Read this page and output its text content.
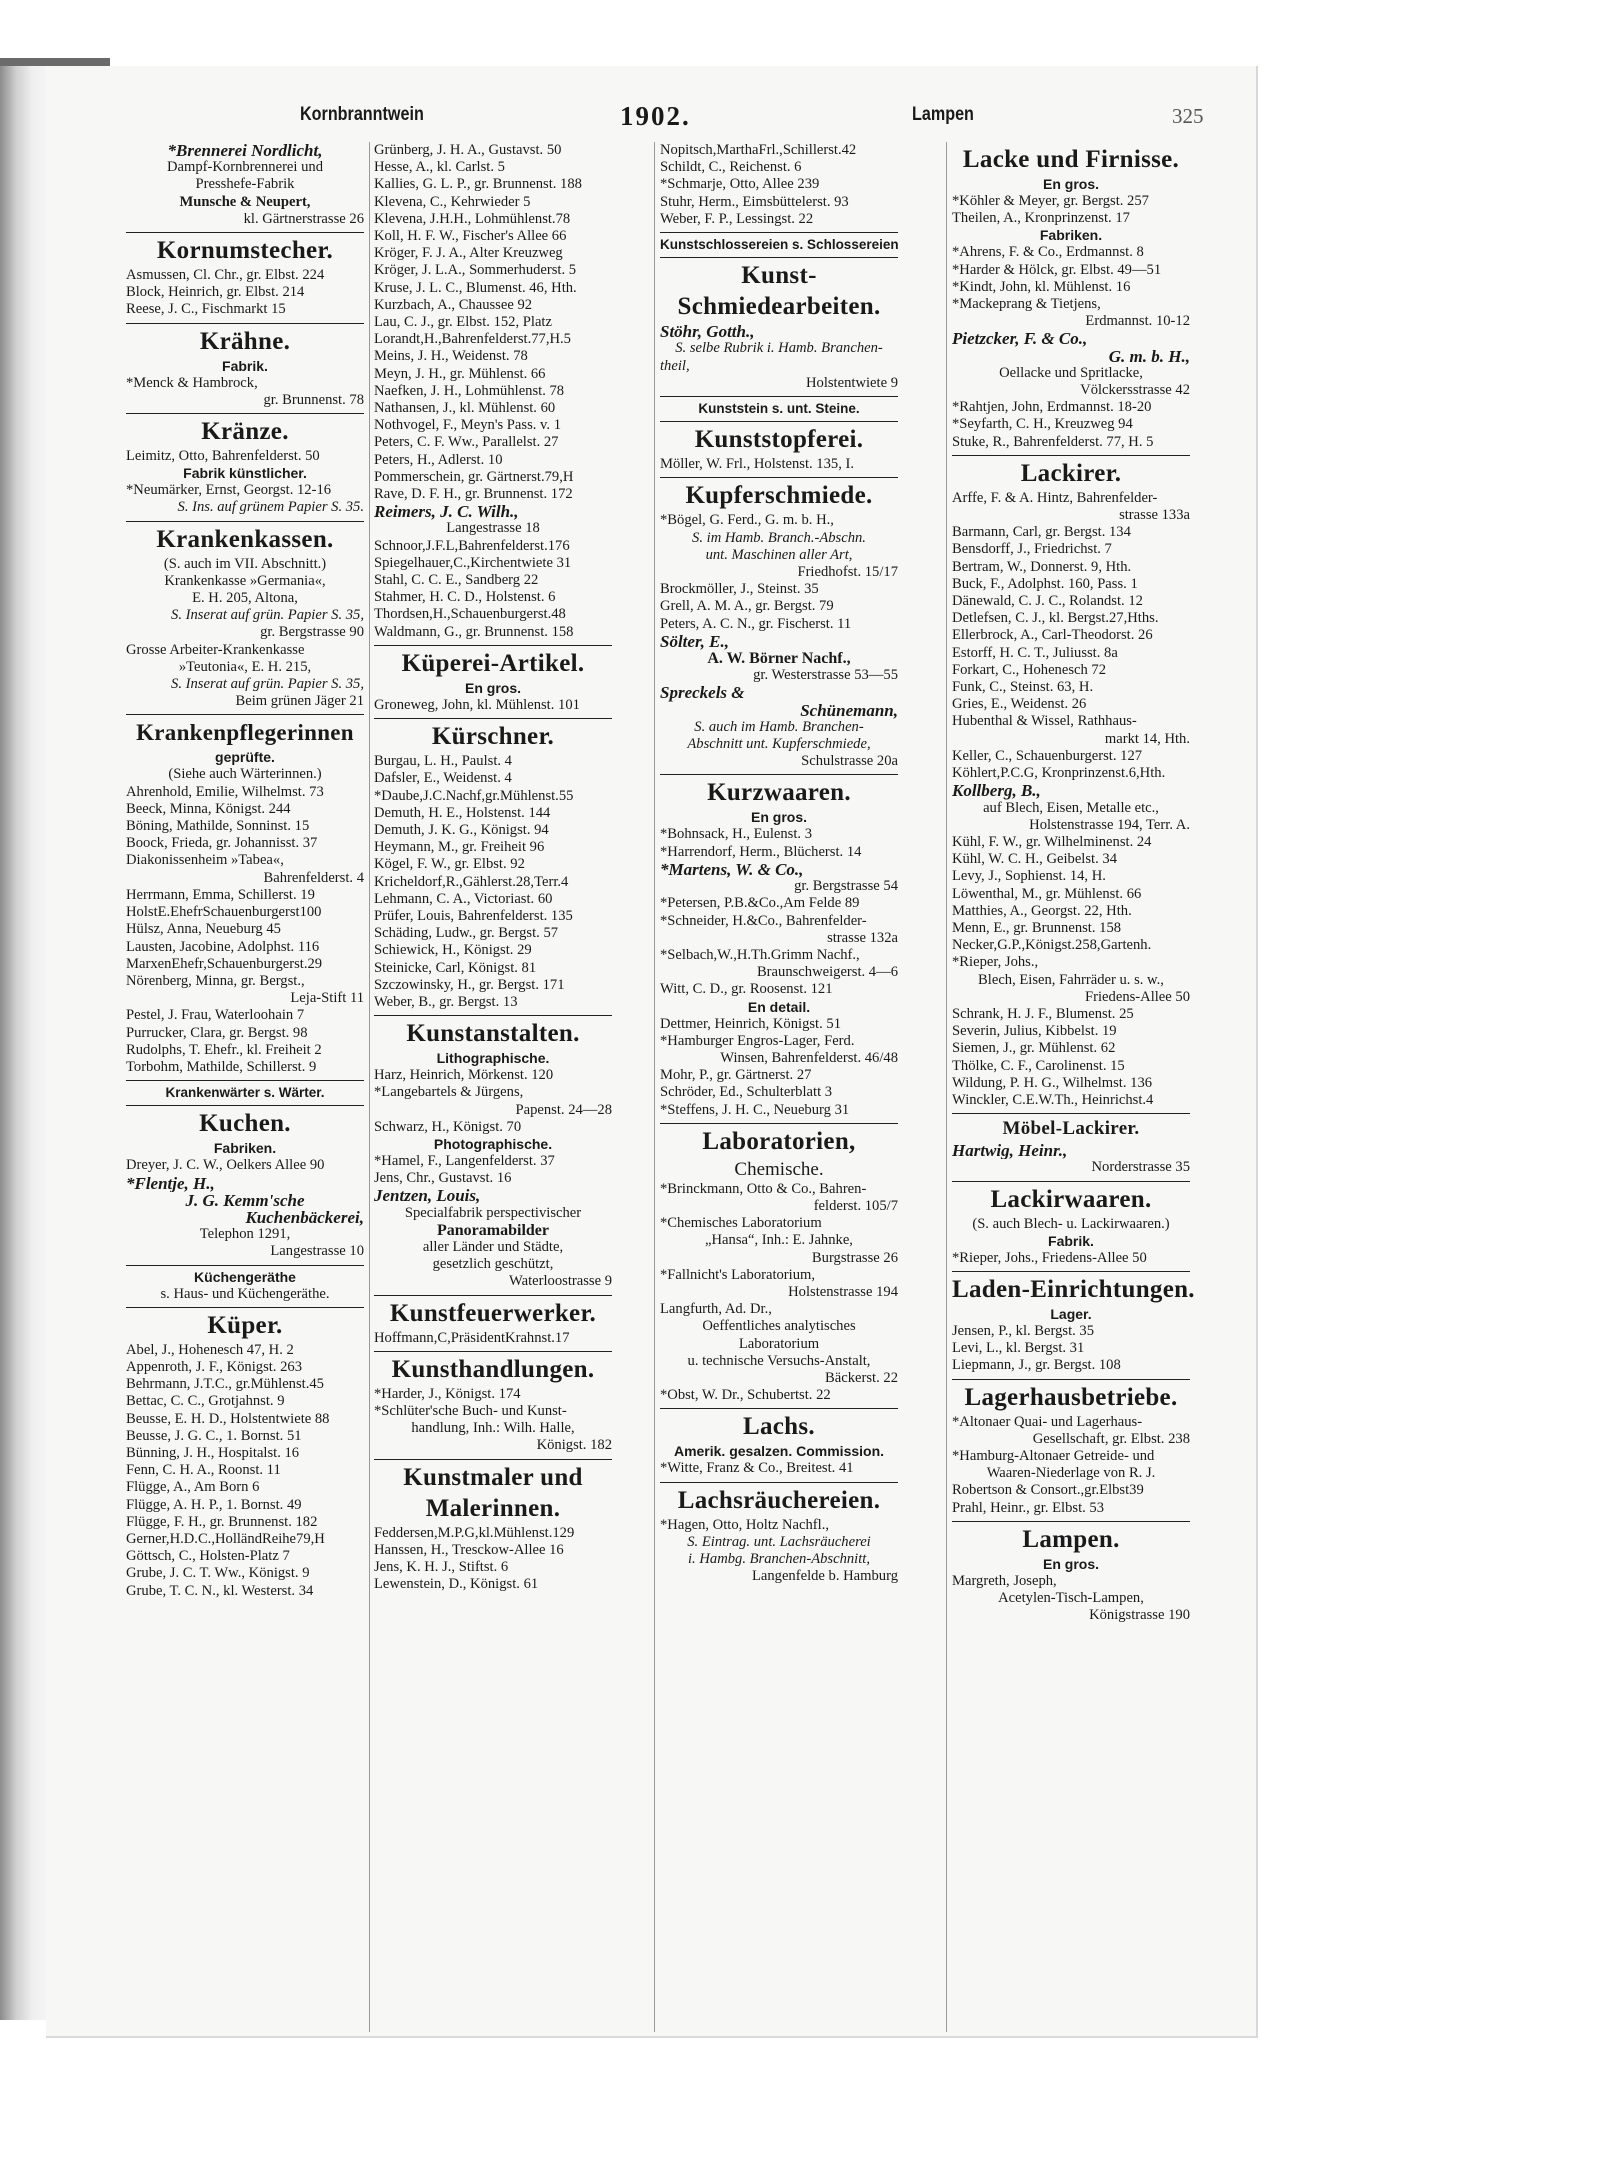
Kornbranntwein	1902.	Lampen	325
*Brennerei Nordlicht,
Dampf-Kornbrennerei und
Presshefe-Fabrik
Munsche & Neupert,
kl. Gärtnerstrasse 26
Kornumstecher.
Asmussen, Cl. Chr., gr. Elbst. 224
Block, Heinrich, gr. Elbst. 214
Reese, J. C., Fischmarkt 15
Krähne.
Fabrik.
*Menck & Hambrock,
gr. Brunnenst. 78
Kränze.
Leimitz, Otto, Bahrenfelderst. 50
Fabrik künstlicher.
*Neumärker, Ernst, Georgst. 12-16
S. Ins. auf grünem Papier S. 35.
Krankenkassen.
(S. auch im VII. Abschnitt.)
Krankenkasse »Germania«,
E. H. 205, Altona,
S. Inserat auf grün. Papier S. 35,
gr. Bergstrasse 90
Grosse Arbeiter-Krankenkasse
»Teutonia«, E. H. 215,
S. Inserat auf grün. Papier S. 35,
Beim grünen Jäger 21
Krankenpflegerinnen
geprüfte.
(Siehe auch Wärterinnen.)
Ahrenhold, Emilie, Wilhelmst. 73
Beeck, Minna, Königst. 244
Böning, Mathilde, Sonninst. 15
Boock, Frieda, gr. Johannisst. 37
Diakonissenheim »Tabea«,
Bahrenfelderst. 4
Herrmann, Emma, Schillerst. 19
HolstE.EhefrSchauenburgerst100
Hülsz, Anna, Neueburg 45
Lausten, Jacobine, Adolphst. 116
MarxenEhefr,Schauenburgerst.29
Nörenberg, Minna, gr. Bergst.,
Leja-Stift 11
Pestel, J. Frau, Waterloohain 7
Purrucker, Clara, gr. Bergst. 98
Rudolphs, T. Ehefr., kl. Freiheit 2
Torbohm, Mathilde, Schillerst. 9
Krankenwärter s. Wärter.
Kuchen.
Fabriken.
Dreyer, J. C. W., Oelkers Allee 90
*Flentje, H.,
J. G. Kemm'sche
Kuchenbäckerei,
Telephon 1291,
Langestrasse 10
Küchengeräthe
s. Haus- und Küchengeräthe.
Küper.
Abel, J., Hohenesch 47, H. 2
Appenroth, J. F., Königst. 263
Behrmann, J.T.C., gr.Mühlenst.45
Bettac, C. C., Grotjahnst. 9
Beusse, E. H. D., Holstentwiete 88
Beusse, J. G. C., 1. Bornst. 51
Bünning, J. H., Hospitalst. 16
Fenn, C. H. A., Roonst. 11
Flügge, A., Am Born 6
Flügge, A. H. P., 1. Bornst. 49
Flügge, F. H., gr. Brunnenst. 182
Gerner,H.D.C.,HolländReihe79,H
Göttsch, C., Holsten-Platz 7
Grube, J. C. T. Ww., Königst. 9
Grube, T. C. N., kl. Westerst. 34
Grünberg, J. H. A., Gustavst. 50
Hesse, A., kl. Carlst. 5
Kallies, G. L. P., gr. Brunnenst. 188
Klevena, C., Kehrwieder 5
Klevena, J.H.H., Lohmühlenst.78
Koll, H. F. W., Fischer's Allee 66
Kröger, F. J. A., Alter Kreuzweg
Kröger, J. L.A., Sommerhuderst. 5
Kruse, J. L. C., Blumenst. 46, Hth.
Kurzbach, A., Chaussee 92
Lau, C. J., gr. Elbst. 152, Platz
Lorandt,H.,Bahrenfelderst.77,H.5
Meins, J. H., Weidenst. 78
Meyn, J. H., gr. Mühlenst. 66
Naefken, J. H., Lohmühlenst. 78
Nathansen, J., kl. Mühlenst. 60
Nothvogel, F., Meyn's Pass. v. 1
Peters, C. F. Ww., Parallelst. 27
Peters, H., Adlerst. 10
Pommerschein, gr. Gärtnerst.79,H
Rave, D. F. H., gr. Brunnenst. 172
Reimers, J. C. Wilh.,
Langestrasse 18
Schnoor,J.F.L,Bahrenfelderst.176
Spiegelhauer,C.,Kirchentwiete 31
Stahl, C. C. E., Sandberg 22
Stahmer, H. C. D., Holstenst. 6
Thordsen,H.,Schauenburgerst.48
Waldmann, G., gr. Brunnenst. 158
Küperei-Artikel.
En gros.
Groneweg, John, kl. Mühlenst. 101
Kürschner.
Burgau, L. H., Paulst. 4
Dafsler, E., Weidenst. 4
*Daube,J.C.Nachf,gr.Mühlenst.55
Demuth, H. E., Holstenst. 144
Demuth, J. K. G., Königst. 94
Heymann, M., gr. Freiheit 96
Kögel, F. W., gr. Elbst. 92
Kricheldorf,R.,Gählerst.28,Terr.4
Lehmann, C. A., Victoriast. 60
Prüfer, Louis, Bahrenfelderst. 135
Schäding, Ludw., gr. Bergst. 57
Schiewick, H., Königst. 29
Steinicke, Carl, Königst. 81
Szczowinsky, H., gr. Bergst. 171
Weber, B., gr. Bergst. 13
Kunstanstalten.
Lithographische.
Harz, Heinrich, Mörkenst. 120
*Langebartels & Jürgens,
Papenst. 24—28
Schwarz, H., Königst. 70
Photographische.
*Hamel, F., Langenfelderst. 37
Jens, Chr., Gustavst. 16
Jentzen, Louis,
Specialfabrik perspectivischer
Panoramabilder
aller Länder und Städte,
gesetzlich geschützt,
Waterloostrasse 9
Kunstfeuerwerker.
Hoffmann,C,PräsidentKrahnst.17
Kunsthandlungen.
*Harder, J., Königst. 174
*Schlüter'sche Buch- und Kunst-
handlung, Inh.: Wilh. Halle,
Königst. 182
Kunstmaler und
Malerinnen.
Feddersen,M.P.G,kl.Mühlenst.129
Hanssen, H., Tresckow-Allee 16
Jens, K. H. J., Stiftst. 6
Lewenstein, D., Königst. 61
Nopitsch,MarthaFrl.,Schillerst.42
Schildt, C., Reichenst. 6
*Schmarje, Otto, Allee 239
Stuhr, Herm., Eimsbüttelerst. 93
Weber, F. P., Lessingst. 22
Kunstschlossereien s. Schlossereien
Kunst-
Schmiedearbeiten.
Stöhr, Gotth.,
S. selbe Rubrik i. Hamb. Branchen-
theil,
Holstentwiete 9
Kunststein s. unt. Steine.
Kunststopferei.
Möller, W. Frl., Holstenst. 135, I.
Kupferschmiede.
*Bögel, G. Ferd., G. m. b. H.,
S. im Hamb. Branch.-Abschn.
unt. Maschinen aller Art,
Friedhofst. 15/17
Brockmöller, J., Steinst. 35
Grell, A. M. A., gr. Bergst. 79
Peters, A. C. N., gr. Fischerst. 11
Sölter, E.,
A. W. Börner Nachf.,
gr. Westerstrasse 53—55
Spreckels &
Schünemann,
S. auch im Hamb. Branchen-
Abschnitt unt. Kupferschmiede,
Schulstrasse 20a
Kurzwaaren.
En gros.
*Bohnsack, H., Eulenst. 3
*Harrendorf, Herm., Blücherst. 14
*Martens, W. & Co.,
gr. Bergstrasse 54
*Petersen, P.B.&Co.,Am Felde 89
*Schneider, H.&Co., Bahrenfelder-
strasse 132a
*Selbach,W.,H.Th.Grimm Nachf.,
Braunschweigerst. 4—6
Witt, C. D., gr. Roosenst. 121
En detail.
Dettmer, Heinrich, Königst. 51
*Hamburger Engros-Lager, Ferd.
Winsen, Bahrenfelderst. 46/48
Mohr, P., gr. Gärtnerst. 27
Schröder, Ed., Schulterblatt 3
*Steffens, J. H. C., Neueburg 31
Laboratorien,
Chemische.
*Brinckmann, Otto & Co., Bahren-
felderst. 105/7
*Chemisches Laboratorium
„Hansa“, Inh.: E. Jahnke,
Burgstrasse 26
*Fallnicht's Laboratorium,
Holstenstrasse 194
Langfurth, Ad. Dr.,
Oeffentliches analytisches
Laboratorium
u. technische Versuchs-Anstalt,
Bäckerst. 22
*Obst, W. Dr., Schubertst. 22
Lachs.
Amerik. gesalzen. Commission.
*Witte, Franz & Co., Breitest. 41
Lachsräuchereien.
*Hagen, Otto, Holtz Nachfl.,
S. Eintrag. unt. Lachsräucherei
i. Hambg. Branchen-Abschnitt,
Langenfelde b. Hamburg
Lacke und Firnisse.
En gros.
*Köhler & Meyer, gr. Bergst. 257
Theilen, A., Kronprinzenst. 17
Fabriken.
*Ahrens, F. & Co., Erdmannst. 8
*Harder & Hölck, gr. Elbst. 49—51
*Kindt, John, kl. Mühlenst. 16
*Mackeprang & Tietjens,
Erdmannst. 10-12
Pietzcker, F. & Co.,
G. m. b. H.,
Oellacke und Spritlacke,
Völckersstrasse 42
*Rahtjen, John, Erdmannst. 18-20
*Seyfarth, C. H., Kreuzweg 94
Stuke, R., Bahrenfelderst. 77, H. 5
Lackirer.
Arffe, F. & A. Hintz, Bahrenfelder-
strasse 133a
Barmann, Carl, gr. Bergst. 134
Bensdorff, J., Friedrichst. 7
Bertram, W., Donnerst. 9, Hth.
Buck, F., Adolphst. 160, Pass. 1
Dänewald, C. J. C., Rolandst. 12
Detlefsen, C. J., kl. Bergst.27,Hths.
Ellerbrock, A., Carl-Theodorst. 26
Estorff, H. C. T., Juliusst. 8a
Forkart, C., Hohenesch 72
Funk, C., Steinst. 63, H.
Gries, E., Weidenst. 26
Hubenthal & Wissel, Rathhaus-
markt 14, Hth.
Keller, C., Schauenburgerst. 127
Köhlert,P.C.G, Kronprinzenst.6,Hth.
Kollberg, B.,
auf Blech, Eisen, Metalle etc.,
Holstenstrasse 194, Terr. A.
Kühl, F. W., gr. Wilhelminenst. 24
Kühl, W. C. H., Geibelst. 34
Levy, J., Sophienst. 14, H.
Löwenthal, M., gr. Mühlenst. 66
Matthies, A., Georgst. 22, Hth.
Menn, E., gr. Brunnenst. 158
Necker,G.P.,Königst.258,Gartenh.
*Rieper, Johs.,
Blech, Eisen, Fahrräder u. s. w.,
Friedens-Allee 50
Schrank, H. J. F., Blumenst. 25
Severin, Julius, Kibbelst. 19
Siemen, J., gr. Mühlenst. 62
Thölke, C. F., Carolinenst. 15
Wildung, P. H. G., Wilhelmst. 136
Winckler, C.E.W.Th., Heinrichst.4
Möbel-Lackirer.
Hartwig, Heinr.,
Norderstrasse 35
Lackirwaaren.
(S. auch Blech- u. Lackirwaaren.)
Fabrik.
*Rieper, Johs., Friedens-Allee 50
Laden-Einrichtungen.
Lager.
Jensen, P., kl. Bergst. 35
Levi, L., kl. Bergst. 31
Liepmann, J., gr. Bergst. 108
Lagerhausbetriebe.
*Altonaer Quai- und Lagerhaus-
Gesellschaft, gr. Elbst. 238
*Hamburg-Altonaer Getreide- und
Waaren-Niederlage von R. J.
Robertson & Consort.,gr.Elbst39
Prahl, Heinr., gr. Elbst. 53
Lampen.
En gros.
Margreth, Joseph,
Acetylen-Tisch-Lampen,
Königstrasse 190
